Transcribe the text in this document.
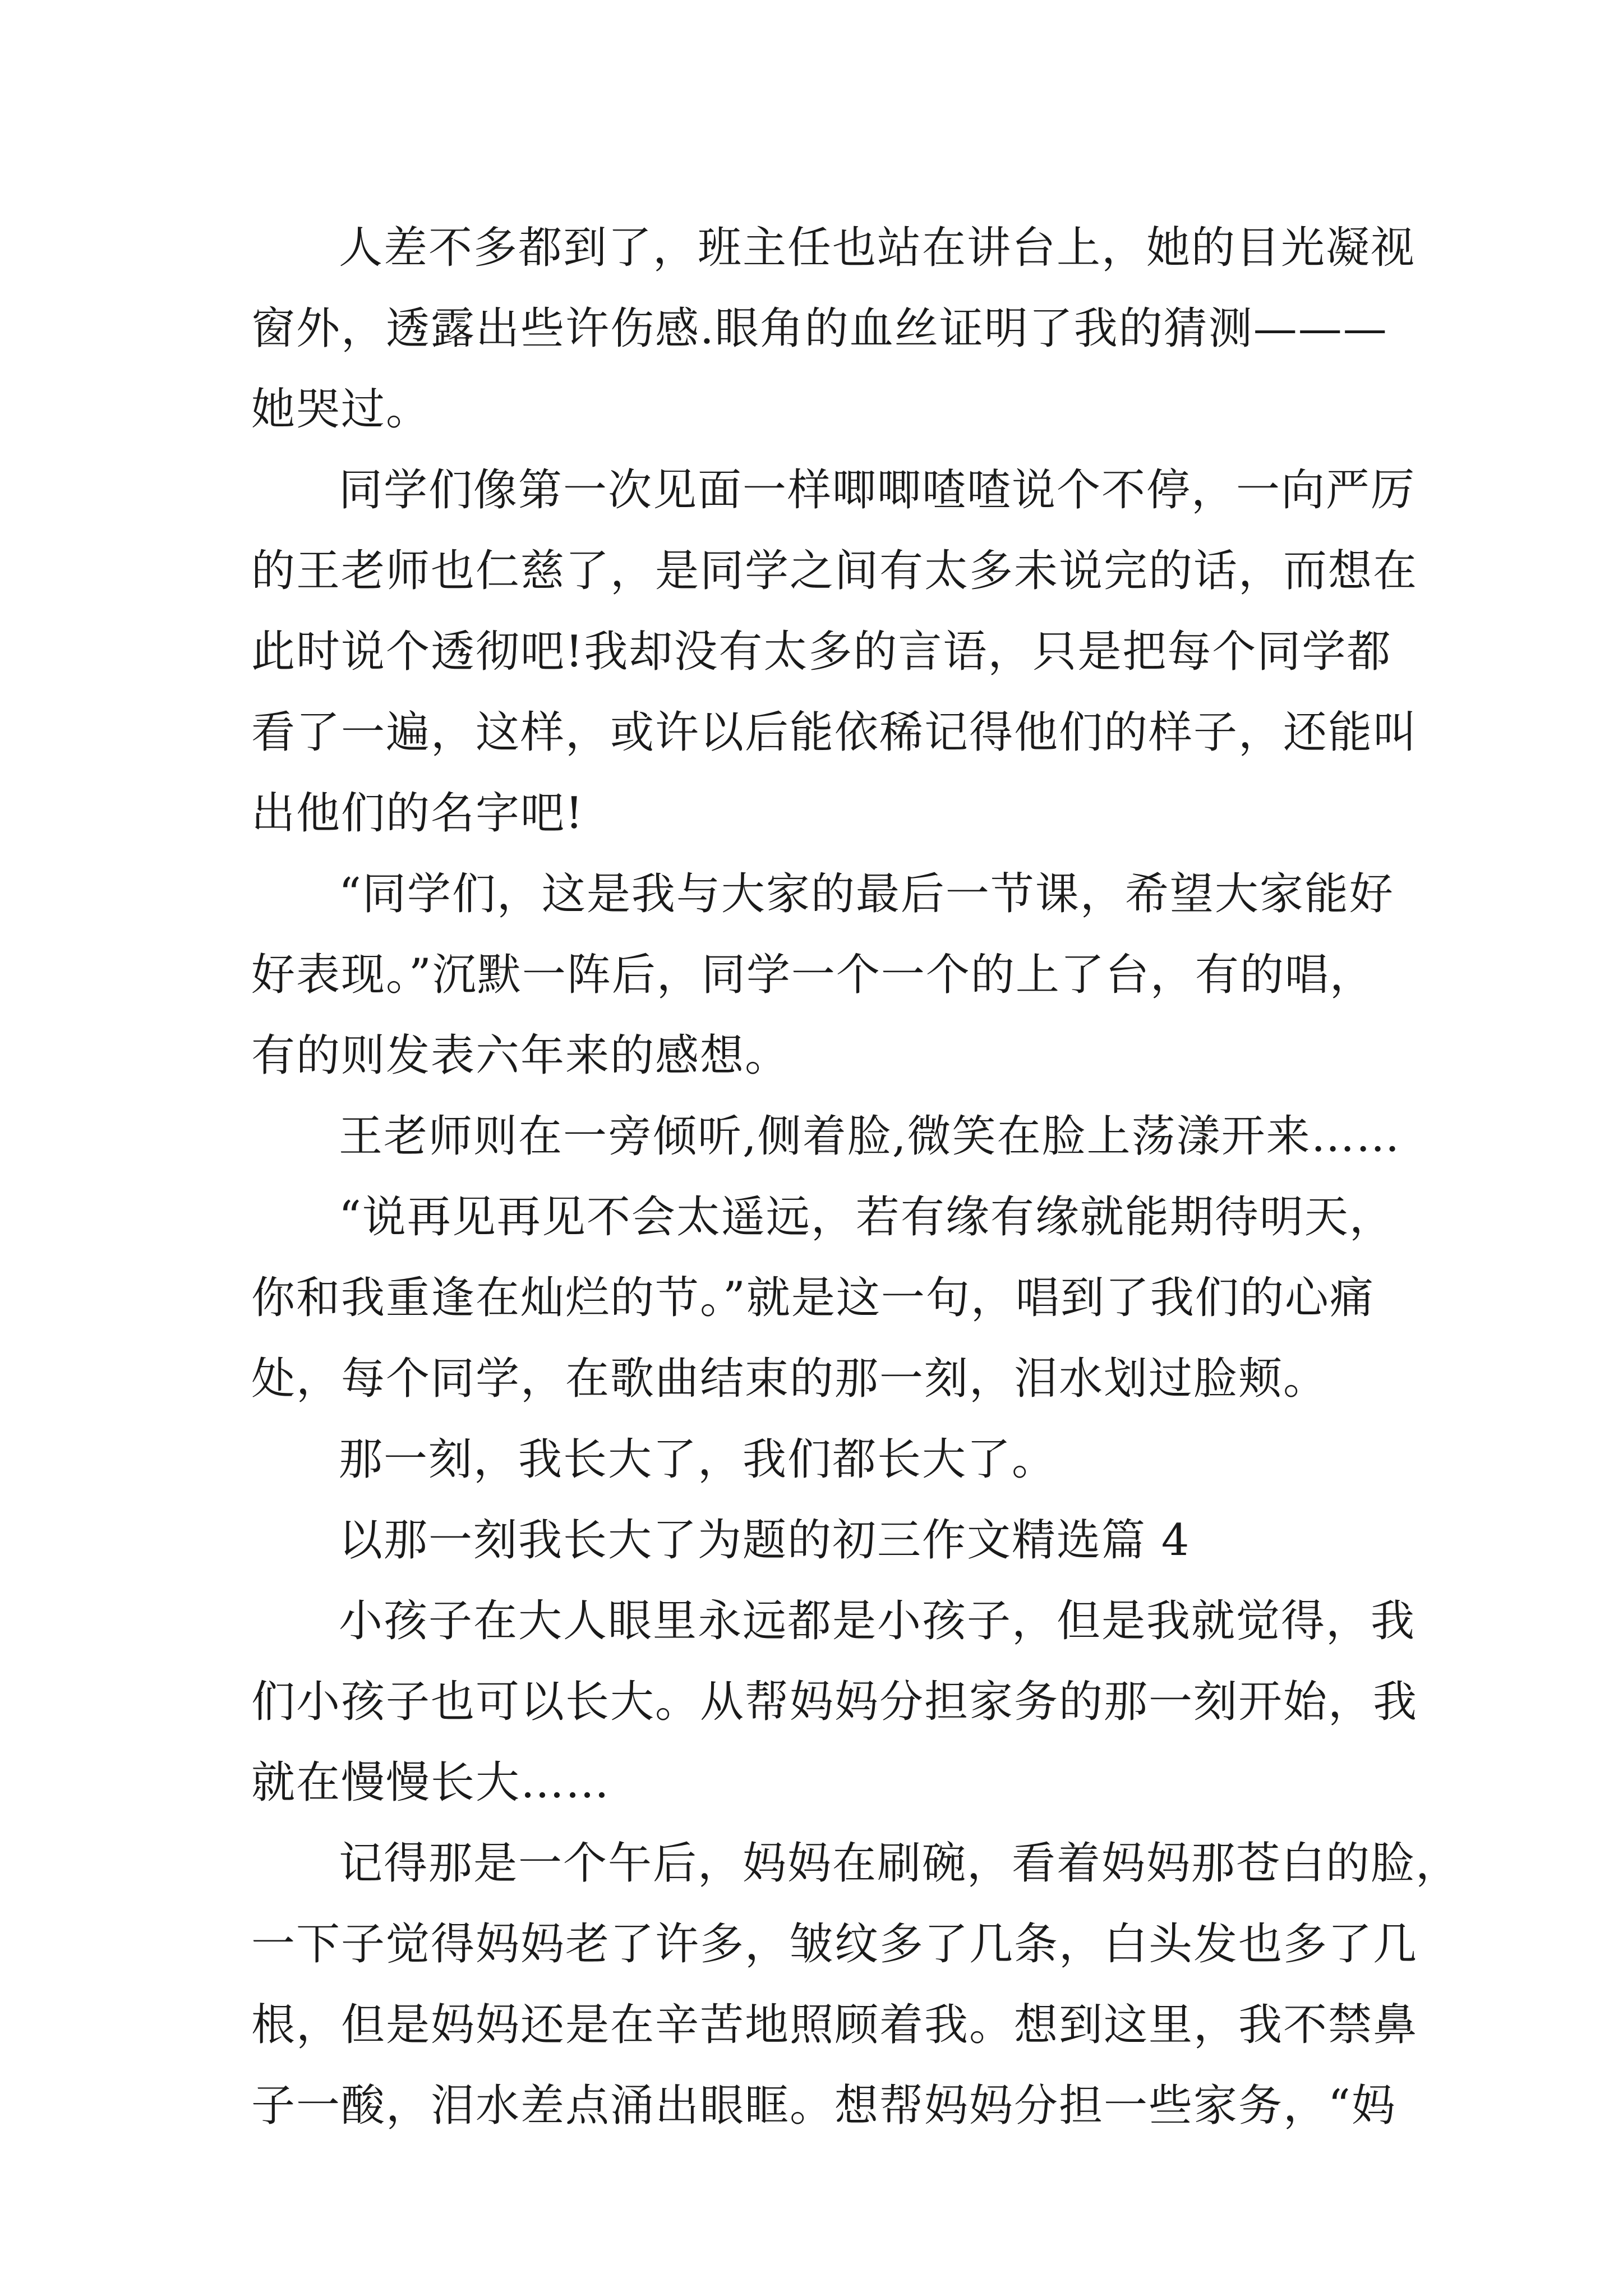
人差不多都到了，班主任也站在讲台上，她的目光凝视
窗外，透露出些许伤感.眼角的血丝证明了我的猜测———
她哭过。
同学们像第一次见面一样唧唧喳喳说个不停，一向严厉
的王老师也仁慈了，是同学之间有太多未说完的话，而想在
此时说个透彻吧!我却没有太多的言语，只是把每个同学都
看了一遍，这样，或许以后能依稀记得他们的样子，还能叫
出他们的名字吧!
“同学们，这是我与大家的最后一节课，希望大家能好
好表现。”沉默一阵后，同学一个一个的上了台，有的唱，
有的则发表六年来的感想。
王老师则在一旁倾听,侧着脸,微笑在脸上荡漾开来……
“说再见再见不会太遥远，若有缘有缘就能期待明天，
你和我重逢在灿烂的节。”就是这一句，唱到了我们的心痛
处，每个同学，在歌曲结束的那一刻，泪水划过脸颊。
那一刻，我长大了，我们都长大了。
以那一刻我长大了为题的初三作文精选篇 4
小孩子在大人眼里永远都是小孩子，但是我就觉得，我
们小孩子也可以长大。从帮妈妈分担家务的那一刻开始，我
就在慢慢长大……
记得那是一个午后，妈妈在刷碗，看着妈妈那苍白的脸，
一下子觉得妈妈老了许多，皱纹多了几条，白头发也多了几
根，但是妈妈还是在辛苦地照顾着我。想到这里，我不禁鼻
子一酸，泪水差点涌出眼眶。想帮妈妈分担一些家务，“妈
